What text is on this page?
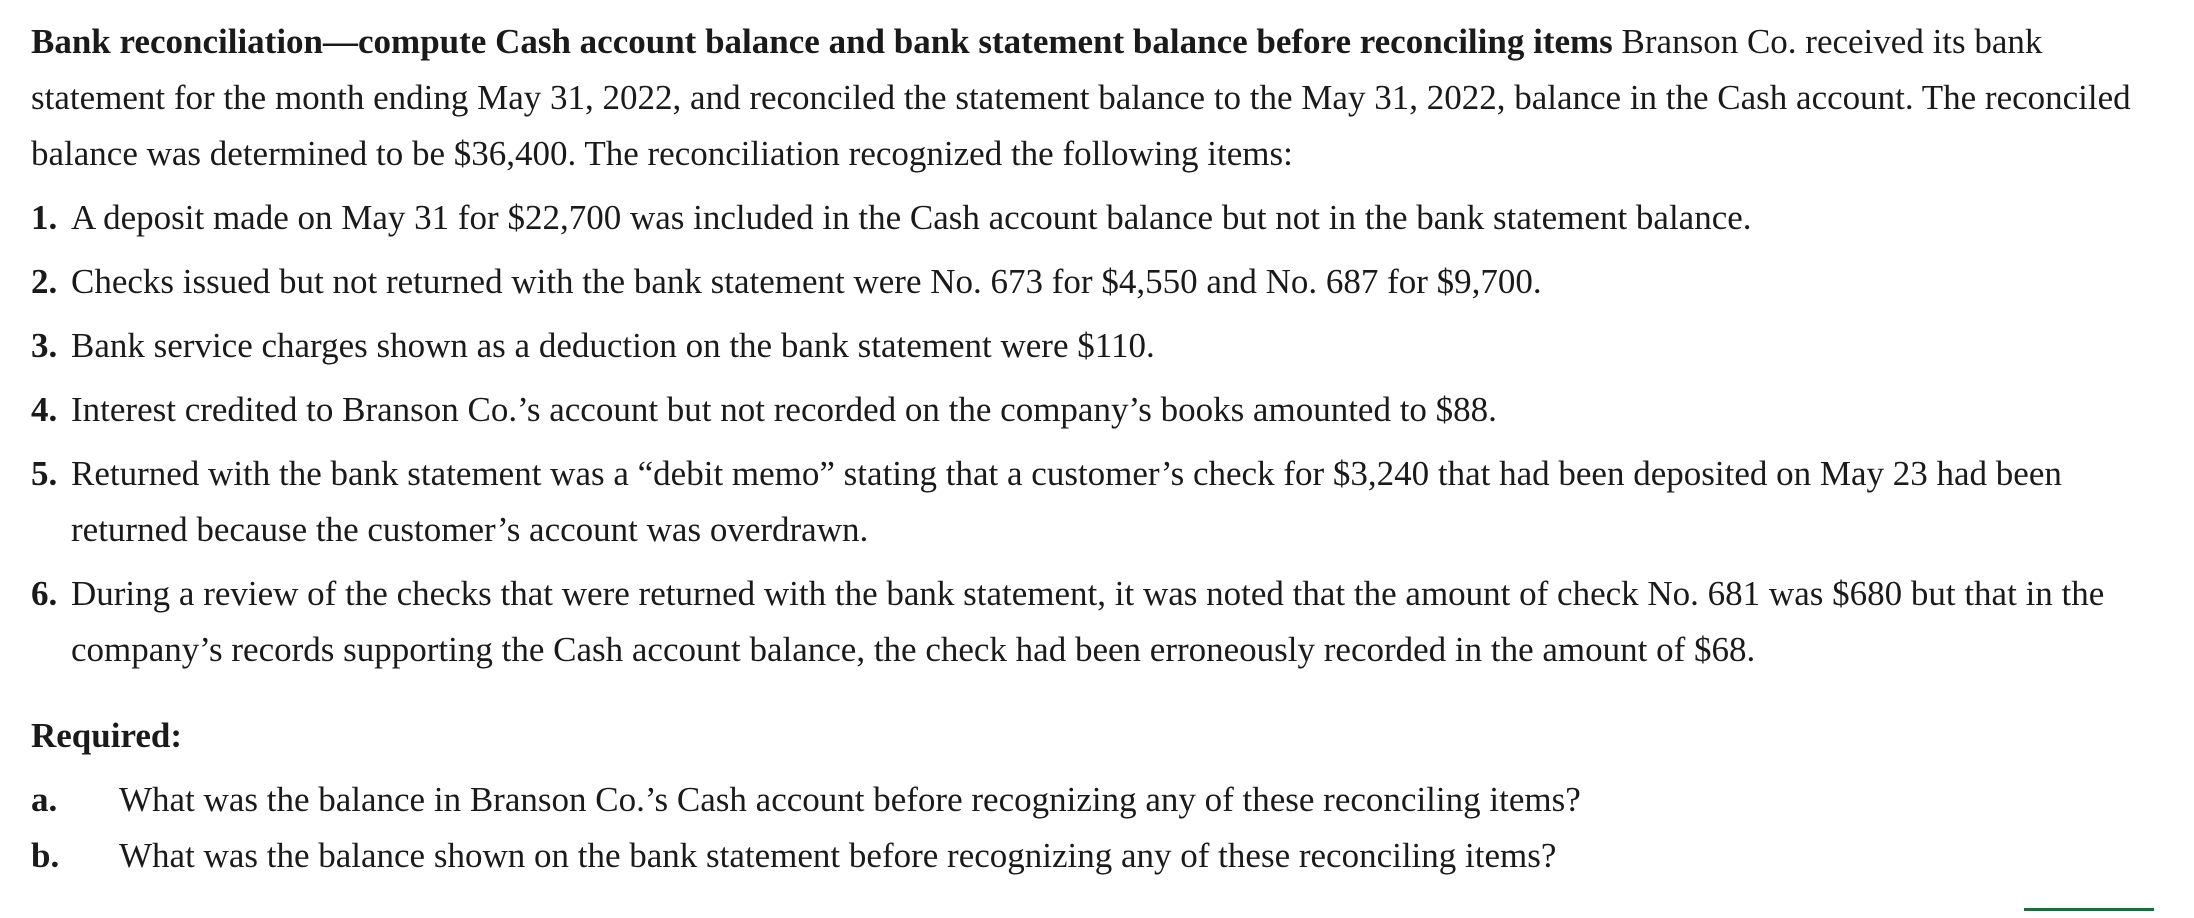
Bank reconciliation—compute Cash account balance and bank statement balance before reconciling items Branson Co. received its bank statement for the month ending May 31, 2022, and reconciled the statement balance to the May 31, 2022, balance in the Cash account. The reconciled balance was determined to be $36,400. The reconciliation recognized the following items:

1. A deposit made on May 31 for $22,700 was included in the Cash account balance but not in the bank statement balance.
2. Checks issued but not returned with the bank statement were No. 673 for $4,550 and No. 687 for $9,700.
3. Bank service charges shown as a deduction on the bank statement were $110.
4. Interest credited to Branson Co.’s account but not recorded on the company’s books amounted to $88.
5. Returned with the bank statement was a “debit memo” stating that a customer’s check for $3,240 that had been deposited on May 23 had been returned because the customer’s account was overdrawn.
6. During a review of the checks that were returned with the bank statement, it was noted that the amount of check No. 681 was $680 but that in the company’s records supporting the Cash account balance, the check had been erroneously recorded in the amount of $68.
Required:
a. What was the balance in Branson Co.’s Cash account before recognizing any of these reconciling items?
b. What was the balance shown on the bank statement before recognizing any of these reconciling items?
